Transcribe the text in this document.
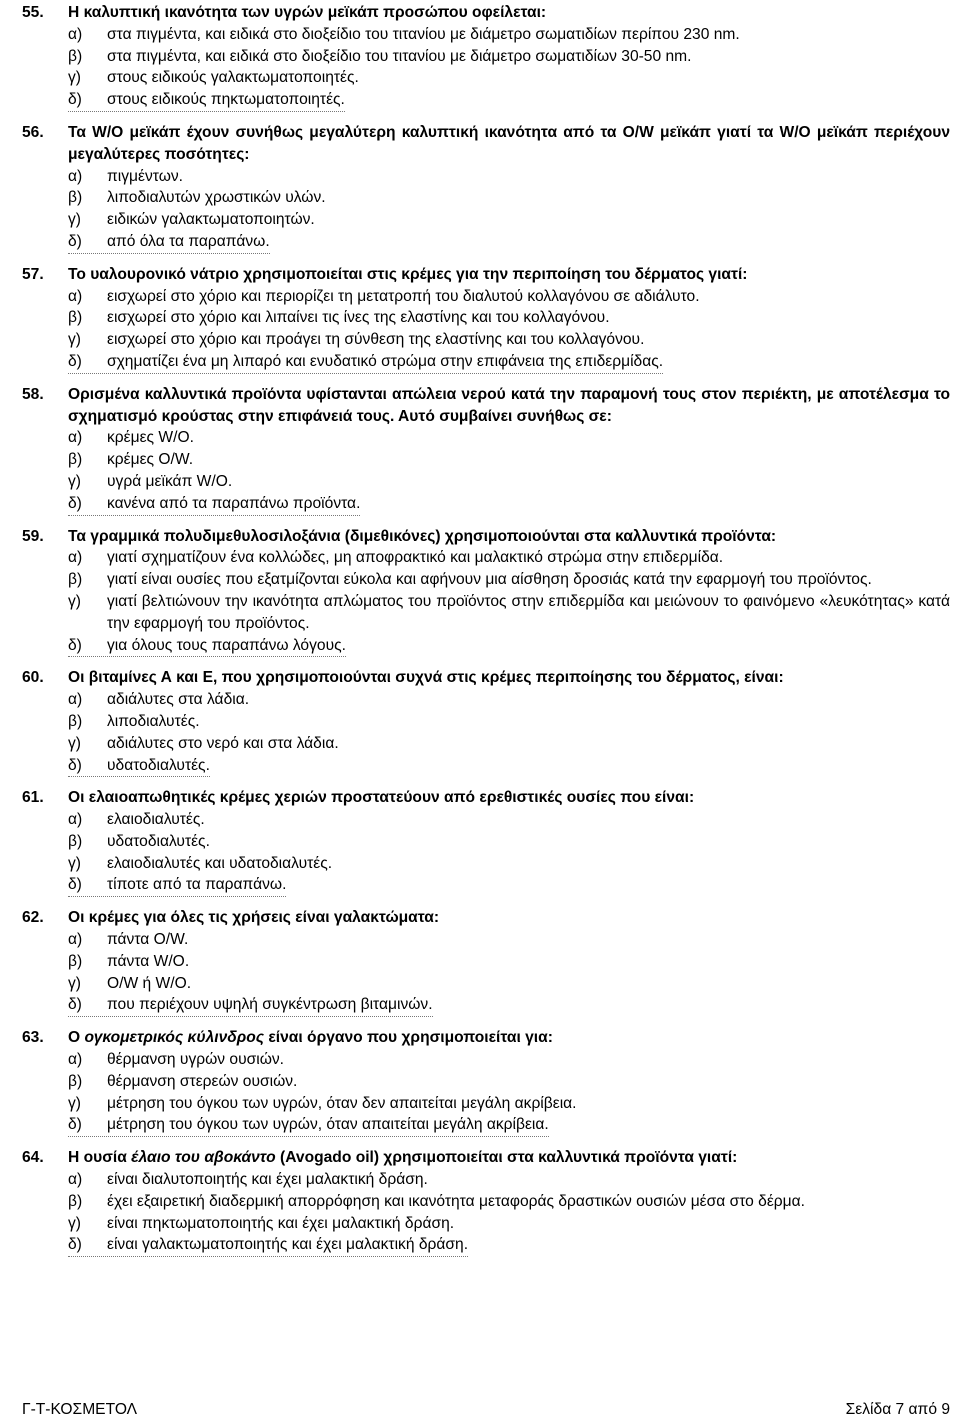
55.	Η καλυπτική ικανότητα των υγρών μεϊκάπ προσώπου οφείλεται:
α)	στα πιγμέντα, και ειδικά στο διοξείδιο του τιτανίου με διάμετρο σωματιδίων περίπου 230 nm.
β)	στα πιγμέντα, και ειδικά στο διοξείδιο του τιτανίου με διάμετρο σωματιδίων 30-50 nm.
γ)	στους ειδικούς γαλακτωματοποιητές.
δ)	στους ειδικούς πηκτωματοποιητές.
56.	Τα W/O μεϊκάπ έχουν συνήθως μεγαλύτερη καλυπτική ικανότητα από τα O/W μεϊκάπ γιατί τα W/O μεϊκάπ περιέχουν μεγαλύτερες ποσότητες:
α)	πιγμέντων.
β)	λιποδιαλυτών χρωστικών υλών.
γ)	ειδικών γαλακτωματοποιητών.
δ)	από όλα τα παραπάνω.
57.	Το υαλουρονικό νάτριο χρησιμοποιείται στις κρέμες για την περιποίηση του δέρματος γιατί:
α)	εισχωρεί στο χόριο και περιορίζει τη μετατροπή του διαλυτού κολλαγόνου σε αδιάλυτο.
β)	εισχωρεί στο χόριο και λιπαίνει τις ίνες της ελαστίνης και του κολλαγόνου.
γ)	εισχωρεί στο χόριο και προάγει τη σύνθεση της ελαστίνης και του κολλαγόνου.
δ)	σχηματίζει ένα μη λιπαρό και ενυδατικό στρώμα στην επιφάνεια της επιδερμίδας.
58.	Ορισμένα καλλυντικά προϊόντα υφίστανται απώλεια νερού κατά την παραμονή τους στον περιέκτη, με αποτέλεσμα το σχηματισμό κρούστας στην επιφάνειά τους. Αυτό συμβαίνει συνήθως σε:
α)	κρέμες W/O.
β)	κρέμες O/W.
γ)	υγρά μεϊκάπ W/O.
δ)	κανένα από τα παραπάνω προϊόντα.
59.	Τα γραμμικά πολυδιμεθυλοσιλοξάνια (διμεθικόνες) χρησιμοποιούνται στα καλλυντικά προϊόντα:
α)	γιατί σχηματίζουν ένα κολλώδες, μη αποφρακτικό και μαλακτικό στρώμα στην επιδερμίδα.
β)	γιατί είναι ουσίες που εξατμίζονται εύκολα και αφήνουν μια αίσθηση δροσιάς κατά την εφαρμογή του προϊόντος.
γ)	γιατί βελτιώνουν την ικανότητα απλώματος του προϊόντος στην επιδερμίδα και μειώνουν το φαινόμενο «λευκότητας» κατά την εφαρμογή του προϊόντος.
δ)	για όλους τους παραπάνω λόγους.
60.	Οι βιταμίνες Α και Ε, που χρησιμοποιούνται συχνά στις κρέμες περιποίησης του δέρματος, είναι:
α)	αδιάλυτες στα λάδια.
β)	λιποδιαλυτές.
γ)	αδιάλυτες στο νερό και στα λάδια.
δ)	υδατοδιαλυτές.
61.	Οι ελαιοαπωθητικές κρέμες χεριών προστατεύουν από ερεθιστικές ουσίες που είναι:
α)	ελαιοδιαλυτές.
β)	υδατοδιαλυτές.
γ)	ελαιοδιαλυτές και υδατοδιαλυτές.
δ)	τίποτε από τα παραπάνω.
62.	Οι κρέμες για όλες τις χρήσεις είναι γαλακτώματα:
α)	πάντα O/W.
β)	πάντα W/O.
γ)	O/W ή W/O.
δ)	που περιέχουν υψηλή συγκέντρωση βιταμινών.
63.	Ο ογκομετρικός κύλινδρος είναι όργανο που χρησιμοποιείται για:
α)	θέρμανση υγρών ουσιών.
β)	θέρμανση στερεών ουσιών.
γ)	μέτρηση του όγκου των υγρών, όταν δεν απαιτείται μεγάλη ακρίβεια.
δ)	μέτρηση του όγκου των υγρών, όταν απαιτείται μεγάλη ακρίβεια.
64.	Η ουσία έλαιο του αβοκάντο (Avogado oil) χρησιμοποιείται στα καλλυντικά προϊόντα γιατί:
α)	είναι διαλυτοποιητής και έχει μαλακτική δράση.
β)	έχει εξαιρετική διαδερμική απορρόφηση και ικανότητα μεταφοράς δραστικών ουσιών μέσα στο δέρμα.
γ)	είναι πηκτωματοποιητής και έχει μαλακτική δράση.
δ)	είναι γαλακτωματοποιητής και έχει μαλακτική δράση.
Γ-Τ-ΚΟΣΜΕΤΟΛ	Σελίδα 7 από 9
